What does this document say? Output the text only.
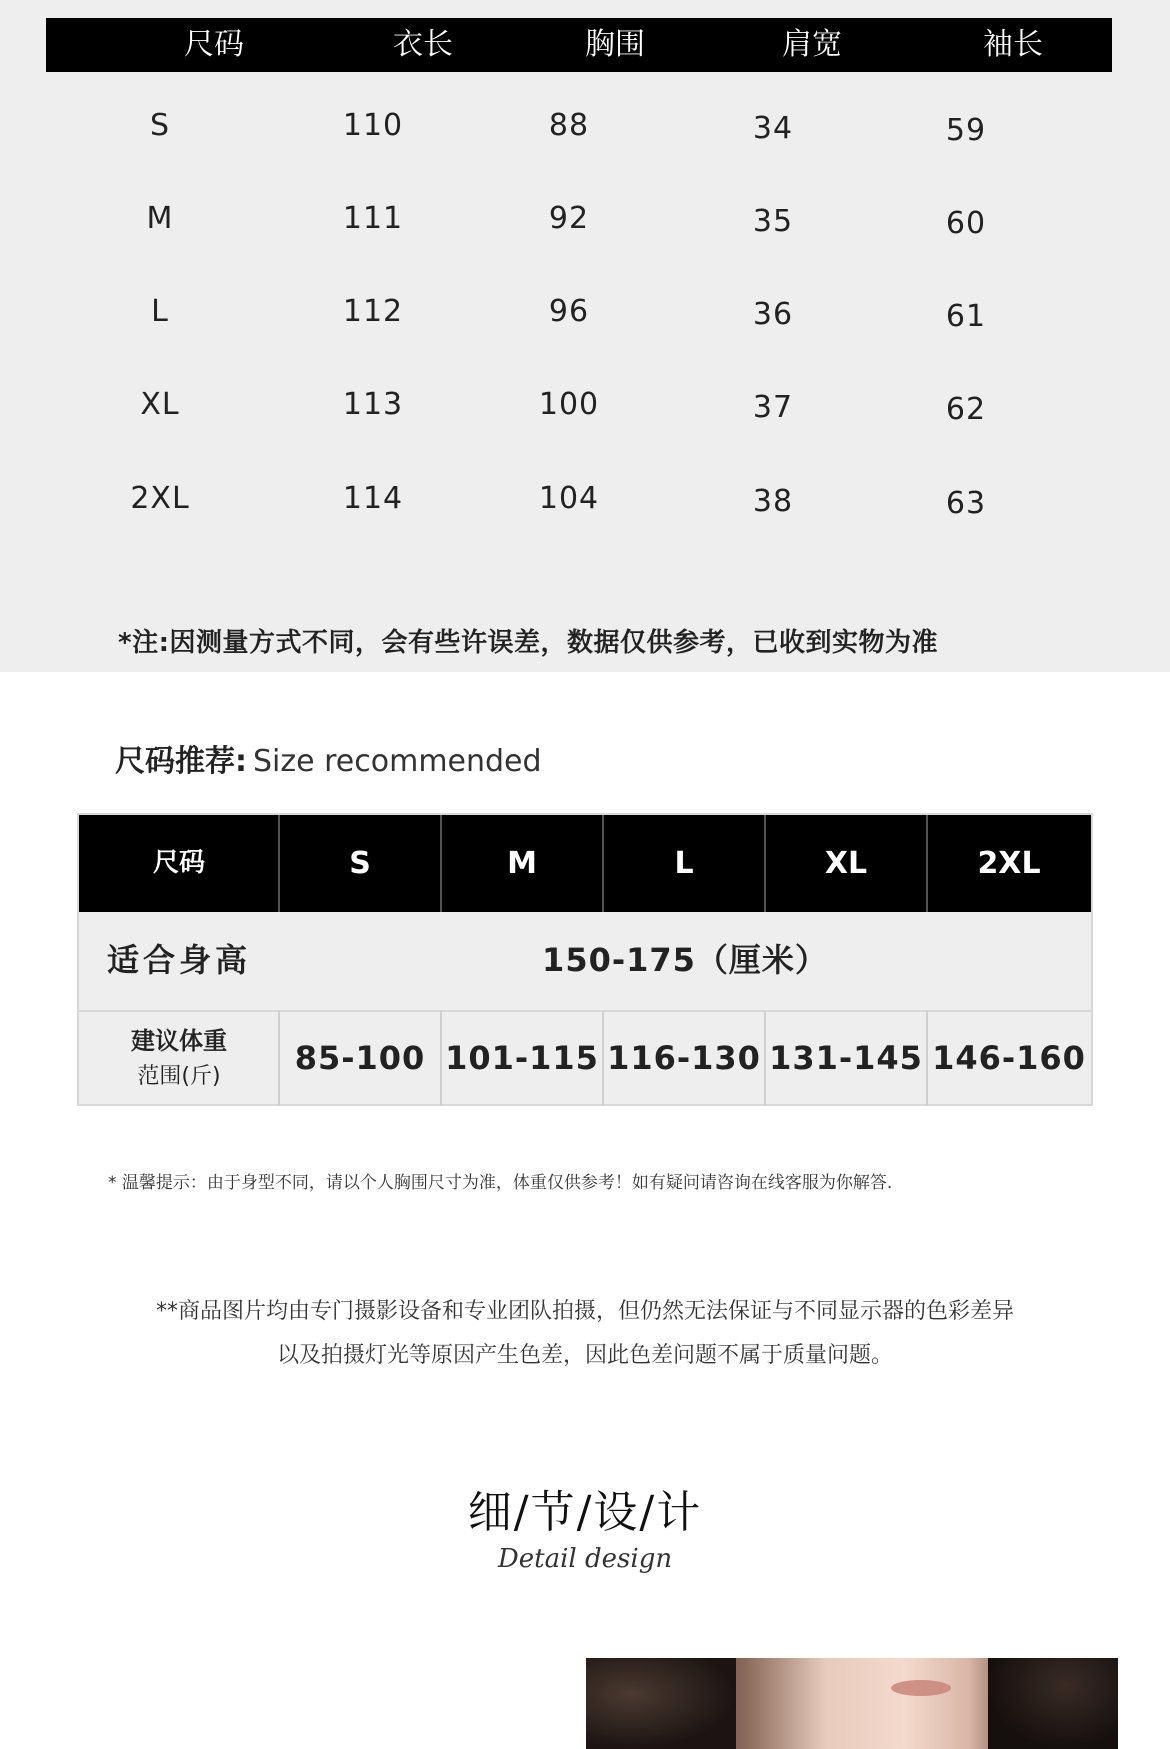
尺码	衣长	胸围	肩宽	袖长
S	110	88	34	59
M	111	92	35	60
L	112	96	36	61
XL	113	100	37	62
2XL	114	104	38	63
*注:因测量方式不同，会有些许误差，数据仅供参考，已收到实物为准
尺码推荐: Size recommended
尺码	S	M	L	XL	2XL
适合身高	150-175（厘米）
建议体重
范围(斤)	85-100 101-115 116-130 131-145 146-160
* 温馨提示：由于身型不同，请以个人胸围尺寸为准，体重仅供参考！如有疑问请咨询在线客服为你解答.
**商品图片均由专门摄影设备和专业团队拍摄，但仍然无法保证与不同显示器的色彩差异
以及拍摄灯光等原因产生色差，因此色差问题不属于质量问题。
细/节/设/计
Detail design
